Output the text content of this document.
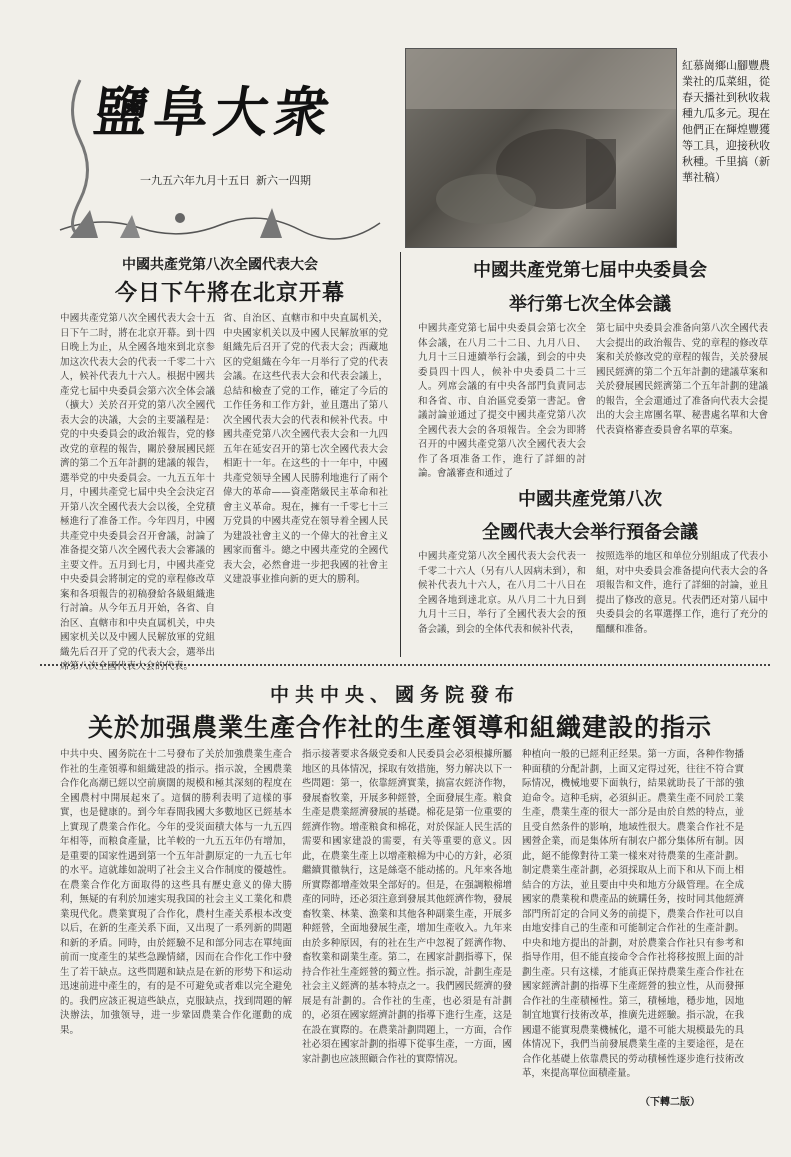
鹽阜大衆
一九五六年九月十五日 新六一四期
紅慕崗鄉山腳豐農業社的瓜菜組，從春天播社到秋收栽種九瓜多元。現在他們正在輝煌豐獲等工具，迎接秋收秋種。千里搞（新華社稿）
中國共產党第八次全國代表大会
今日下午將在北京开幕
中國共產党第八次全國代表大会十五日下午二时，將在北京开幕。到十四日晚上为止，从全國各地來到北京参加这次代表大会的代表一千零二十六人，候补代表九十六人。根据中國共產党七届中央委員会第六次全体会議（擴大）关於召开党的第八次全國代表大会的决議，大会的主要議程是：党的中央委員会的政治報告，党的修改党的章程的報告，關於發展國民經濟的第二个五年計劃的建議的報告，選举党的中央委員会。一九五五年十月，中國共產党七届中央全会決定召开第八次全國代表大会以後，全党積極進行了准备工作。今年四月，中國共產党中央委員会召开會議，討論了准备提交第八次全國代表大会審議的主要文件。五月到七月，中國共產党中央委員会將制定的党的章程修改草案和各項報告的初稿發給各級組織進行討論。从今年五月开始，各省、自治区、直轄市和中央直属机关，中央國家机关以及中國人民解放軍的党組織先后召开了党的代表大会，選举出席第八次全國代表大会的代表。
省、自治区、直轄市和中央直属机关，中央國家机关以及中國人民解放軍的党組織先后召开了党的代表大会；西藏地区的党組織在今年一月举行了党的代表会議。在这些代表大会和代表会議上，总結和檢查了党的工作，確定了今后的工作任务和工作方針，並且選出了第八次全國代表大会的代表和候补代表。中國共產党第八次全國代表大会和一九四五年在延安召开的第七次全國代表大会相距十一年。在这些的十一年中，中國共產党领导全國人民勝利地進行了兩个偉大的革命——資產階級民主革命和社會主义革命。現在，擁有一千零七十三万党員的中國共產党在領导着全國人民为建設社會主义的一个偉大的社會主义國家而奮斗。總之中國共產党的全國代表大会，必然會进一步把我國的社會主义建設事业推向新的更大的勝利。
中國共產党第七届中央委員会
举行第七次全体会議
中國共產党第七届中央委員会第七次全体会議，在八月二十二日、九月八日、九月十三日連續举行会議，到会的中央委員四十四人，候补中央委員二十三人。列席会議的有中央各部門負責同志和各省、市、自治區党委第一書記。會議討論並通过了提交中國共產党第八次全國代表大会的各項報告。全会为即將召开的中國共產党第八次全國代表大会作了各項准备工作，進行了詳細的討論。會議審查和通过了
第七届中央委員会准备向第八次全國代表大会提出的政治報告、党的章程的修改草案和关於修改党的章程的報告，关於發展國民經濟的第二个五年計劃的建議草案和关於發展國民經濟第二个五年計劃的建議的報告，全会還通过了准备向代表大会提出的大会主席團名單、秘書處名單和大會代表資格審查委員會名單的草案。
中國共產党第八次
全國代表大会举行預备会議
中國共產党第八次全國代表大会代表一千零二十六人（另有八人因病未到），和候补代表九十六人，在八月二十八日在全國各地到達北京。从八月二十九日到九月十三日，举行了全國代表大会的預备会議，到会的全体代表和候补代表，
按照选举的地区和单位分别組成了代表小組，对中央委員会准备提向代表大会的各項報告和文件，進行了詳細的討論，並且提出了修改的意見。代表們还对第八届中央委員会的名單選擇工作，進行了充分的醞釀和准备。
中共中央、國务院發布
关於加强農業生產合作社的生產領導和組織建設的指示
中共中央、國务院在十二号發布了关於加強農業生產合作社的生產領導和組織建設的指示。指示說，全國農業合作化高潮已經以空前廣闊的規模和極其深刻的程度在全國農村中開展起來了。這個的勝利表明了這樣的事實，也是健康的。到今年春間我國大多數地区已經基本上實现了農業合作化。今年的受災面積大体与一九五四年相等，而粮食產量，比羊較的一九五五年仍有增加，是重要的国家性遇到第一个五年計劃原定的一九五七年的水平。這就雄如說明了社会主义合作制度的優越性。在農業合作化方面取得的这些具有歷史意义的偉大勝利，無疑的有利於加速实現我国的社会主义工業化和農業現代化。農業實現了合作化，農村生產关系根本改变以后，在新的生產关系下面，又出現了一系列新的問題和新的矛盾。同時，由於經驗不足和部分同志在單纯面前而一度產生的某些急躁情緒，因而在合作化工作中發生了若干缺点。这些問題和缺点是在新的形势下和运动迅速前进中產生的，有的是不可避免或者难以完全避免的。我們应該正視這些缺点，克服缺点，找到問題的解決辦法，加強领导，进一步鞏固農業合作化運動的成果。
指示接著要求各級党委和人民委員会必須根據所屬地区的具体情况，採取有效措施，努力解决以下一些問題：第一，依靠經濟實業，搞富农經济作物，發展畜牧業，开展多种經營，全面發展生產。粮食生產是農業經濟發展的基礎。棉花是第一位重要的經濟作物。增產粮食和棉花，对於保証人民生活的需要和國家建設的需要，有关等重要的意义。因此，在農業生產上以增產粮棉为中心的方針，必須繼續貫徹執行，这是絲毫不能动搖的。凡年來各地所實際都增產效果全部好的。但是，在强調粮棉增產的同時，还必須注意到發展其他經濟作物，發展畜牧業、林業、漁業和其他各种副業生產，开展多种經營，全面地發展生產，增加生產收入。九年来由於多种原因，有的社在生产中忽視了經濟作物、畜牧業和副業生產。第二，在國家計劃指導下，保持合作社生產經營的獨立性。指示說，計劃生產是社会主义經濟的基本特点之一。我們國民經濟的發展是有計劃的。合作社的生產，也必須是有計劃的，必須在國家經濟計劃的指導下進行生產，这是在設在實際的。在農業計劃問題上，一方面，合作社必須在國家計劃的指導下從事生產，一方面，國家計劃也应該照顧合作社的實際情况。
种植向一般的已經利正经果。第一方面，各种作物播种面積的分配計劃，上面又定得过死，往往不符合實际情况，機械地要下面執行，結果就助長了干部的強迫命令。這种毛病，必須糾正。農業生產不同於工業生產，農業生產的很大一部分是由於自然的特点，並且受自然条件的影响，地域性很大。農業合作社不是國營企業，而是集体所有制农户都分集体所有制。因此，絕不能像對待工業一樣來对待農業的生產計劃。制定農業生產計劃，必須採取从上而下和从下而上相結合的方法，並且要由中央和地方分級管理。在全成國家的農業稅和農產品的統購任务，按时同其他經濟部門所訂定的合同义务的前提下，農業合作社可以自由地安排自己的生產和可能制定合作社的生產計劃。中央和地方提出的計劃，对於農業合作社只有参考和指导作用，但不能直接命令合作社将移按照上面的計劃生產。只有这樣，才能真正保持農業生產合作社在國家經濟計劃的指導下生產經營的独立性，从而發揮合作社的生產積極性。第三，積極地，穩步地，因地制宜地實行技術改革，推廣先进經驗。指示說，在我國還不能實現農業機械化，還不可能大規模最先的具体情况下，我們当前發展農業生產的主要途徑，是在合作化基礎上依靠農民的勞动積極性逐步進行技術改革，來提高單位面積產量。
（下轉二版）
